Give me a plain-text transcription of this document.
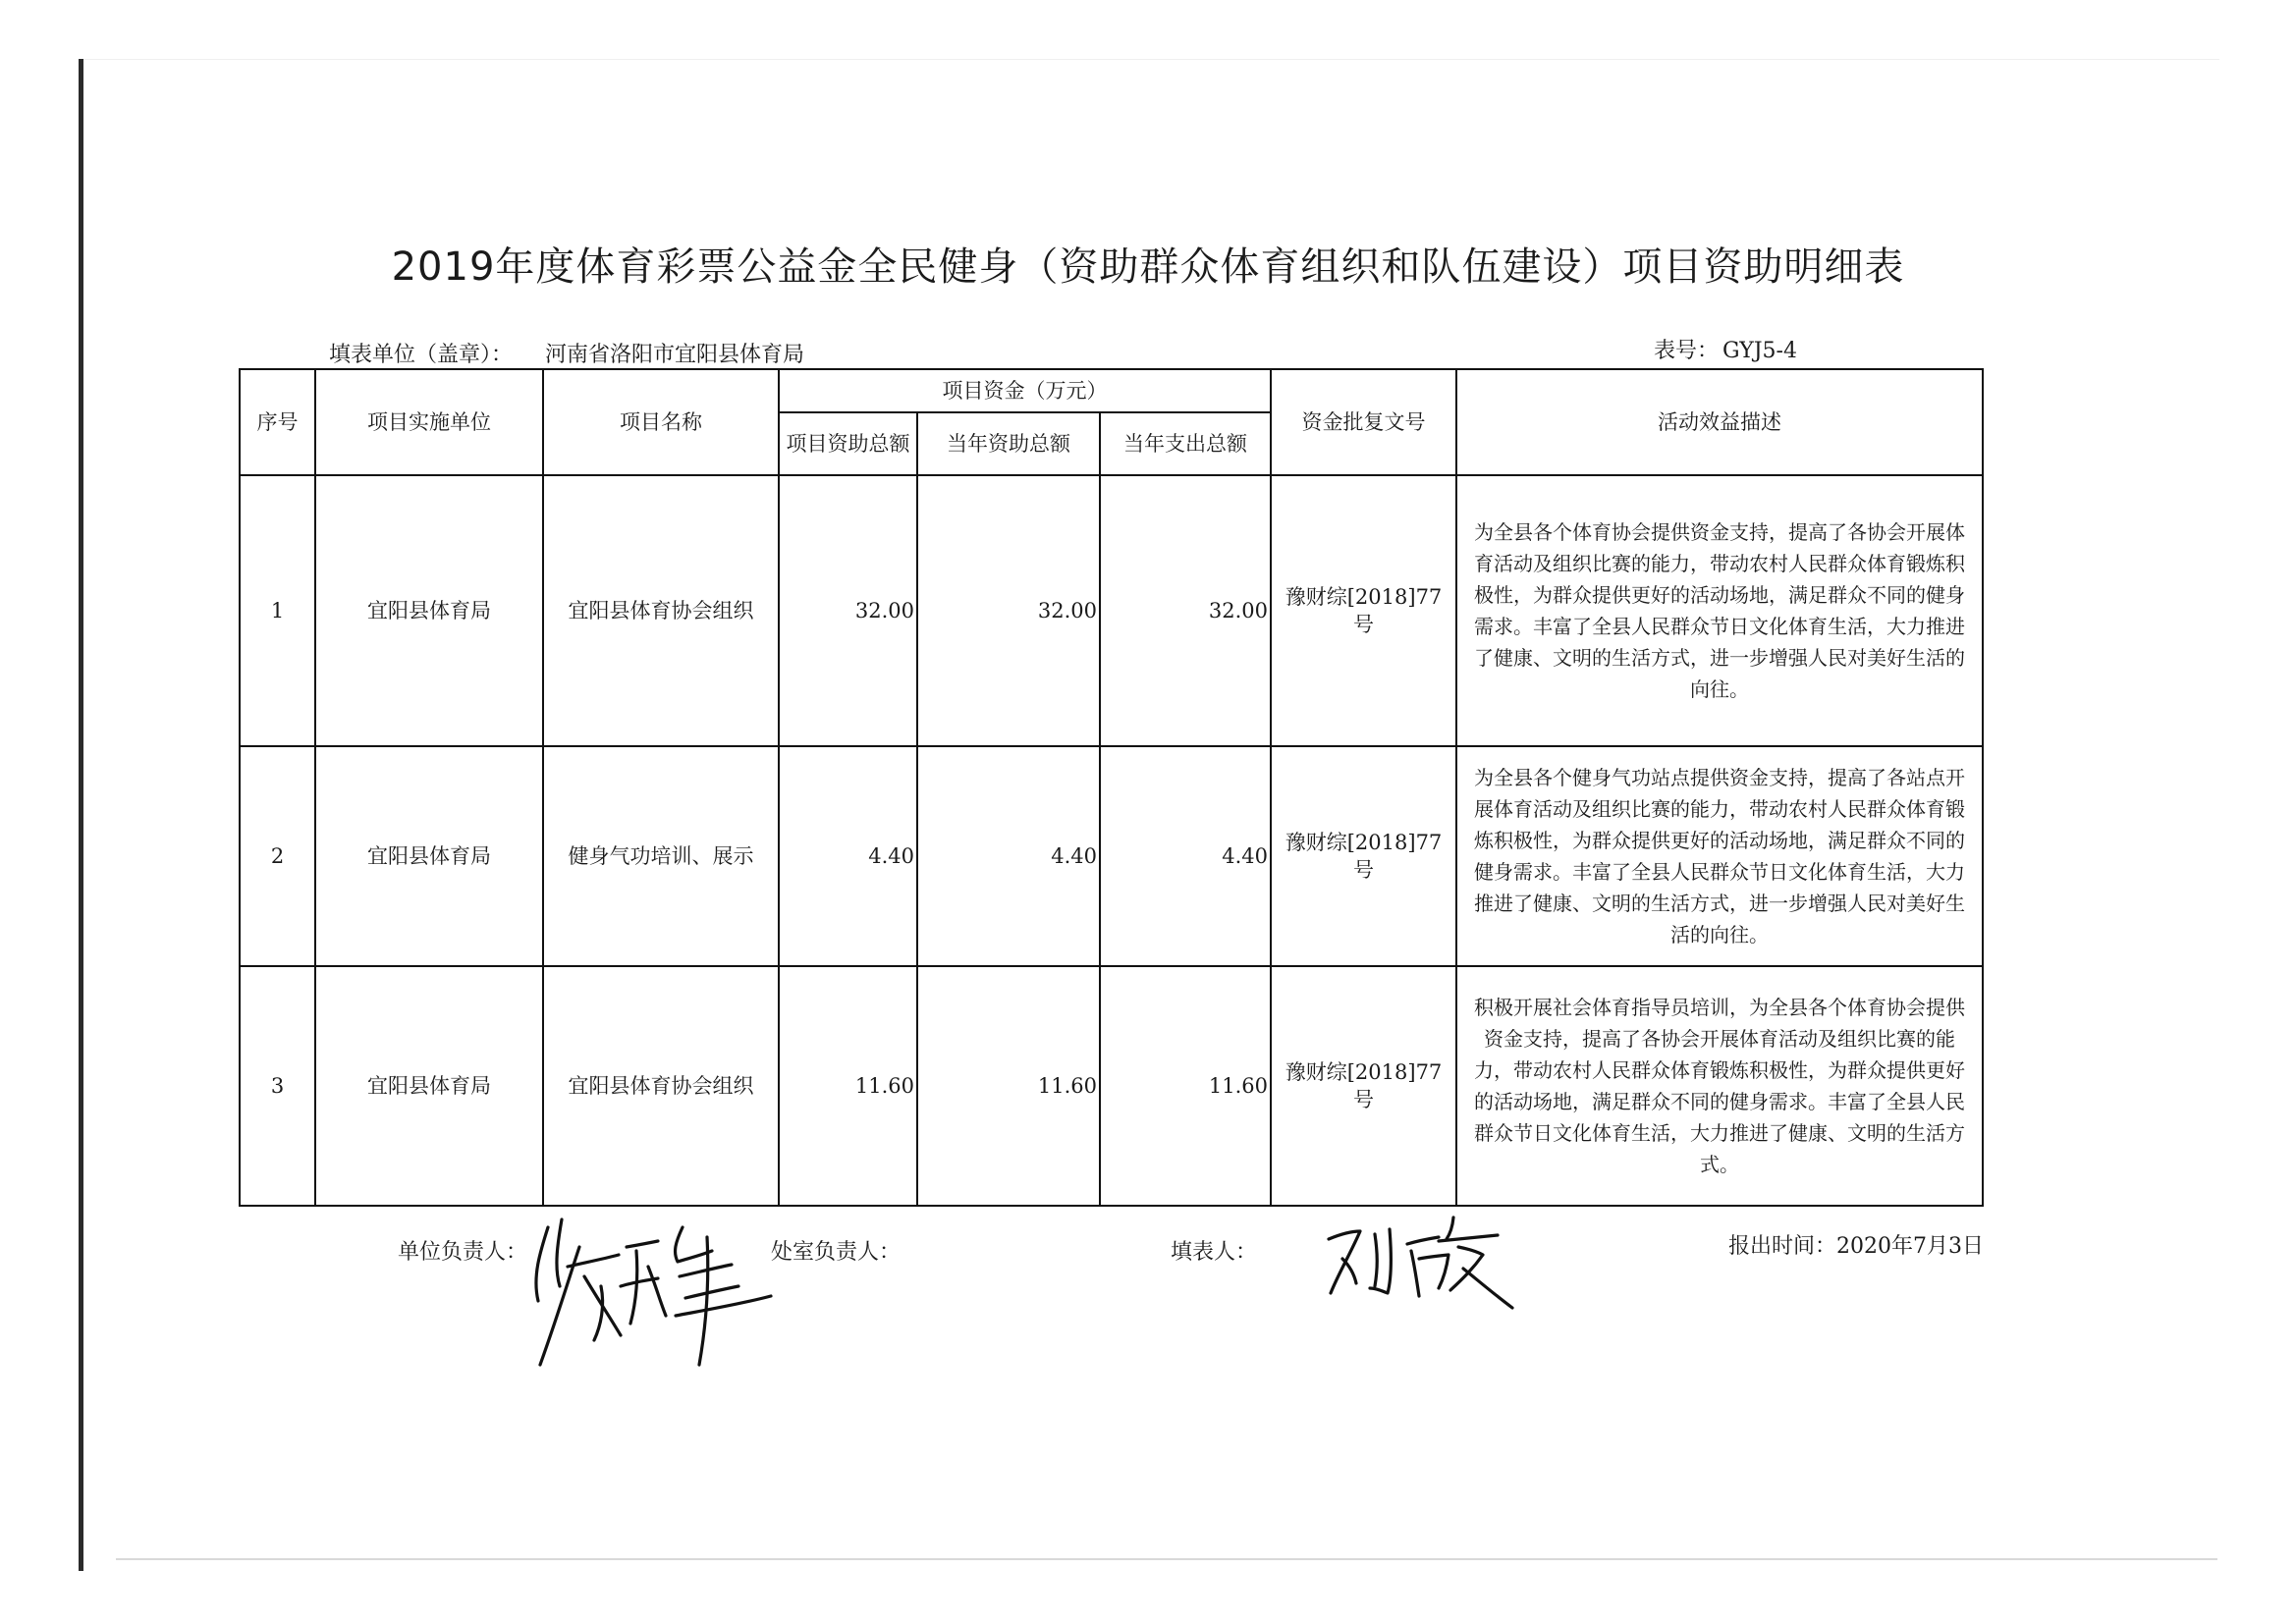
2019年度体育彩票公益金全民健身（资助群众体育组织和队伍建设）项目资助明细表
填表单位（盖章）： 河南省洛阳市宜阳县体育局	表号： GYJ5-4
序号	项目实施单位	项目名称	项目资金（万元）			资金批复文号	活动效益描述
			项目资助总额	当年资助总额	当年支出总额		
1	宜阳县体育局	宜阳县体育协会组织	32.00	32.00	32.00	豫财综[2018]77号	为全县各个体育协会提供资金支持，提高了各协会开展体育活动及组织比赛的能力，带动农村人民群众体育锻炼积极性，为群众提供更好的活动场地，满足群众不同的健身需求。丰富了全县人民群众节日文化体育生活，大力推进了健康、文明的生活方式，进一步增强人民对美好生活的向往。
2	宜阳县体育局	健身气功培训、展示	4.40	4.40	4.40	豫财综[2018]77号	为全县各个健身气功站点提供资金支持，提高了各站点开展体育活动及组织比赛的能力，带动农村人民群众体育锻炼积极性，为群众提供更好的活动场地，满足群众不同的健身需求。丰富了全县人民群众节日文化体育生活，大力推进了健康、文明的生活方式，进一步增强人民对美好生活的向往。
3	宜阳县体育局	宜阳县体育协会组织	11.60	11.60	11.60	豫财综[2018]77号	积极开展社会体育指导员培训，为全县各个体育协会提供资金支持，提高了各协会开展体育活动及组织比赛的能力，带动农村人民群众体育锻炼积极性，为群众提供更好的活动场地，满足群众不同的健身需求。丰富了全县人民群众节日文化体育生活，大力推进了健康、文明的生活方式。
单位负责人：	处室负责人：	填表人：	报出时间：2020年7月3日
